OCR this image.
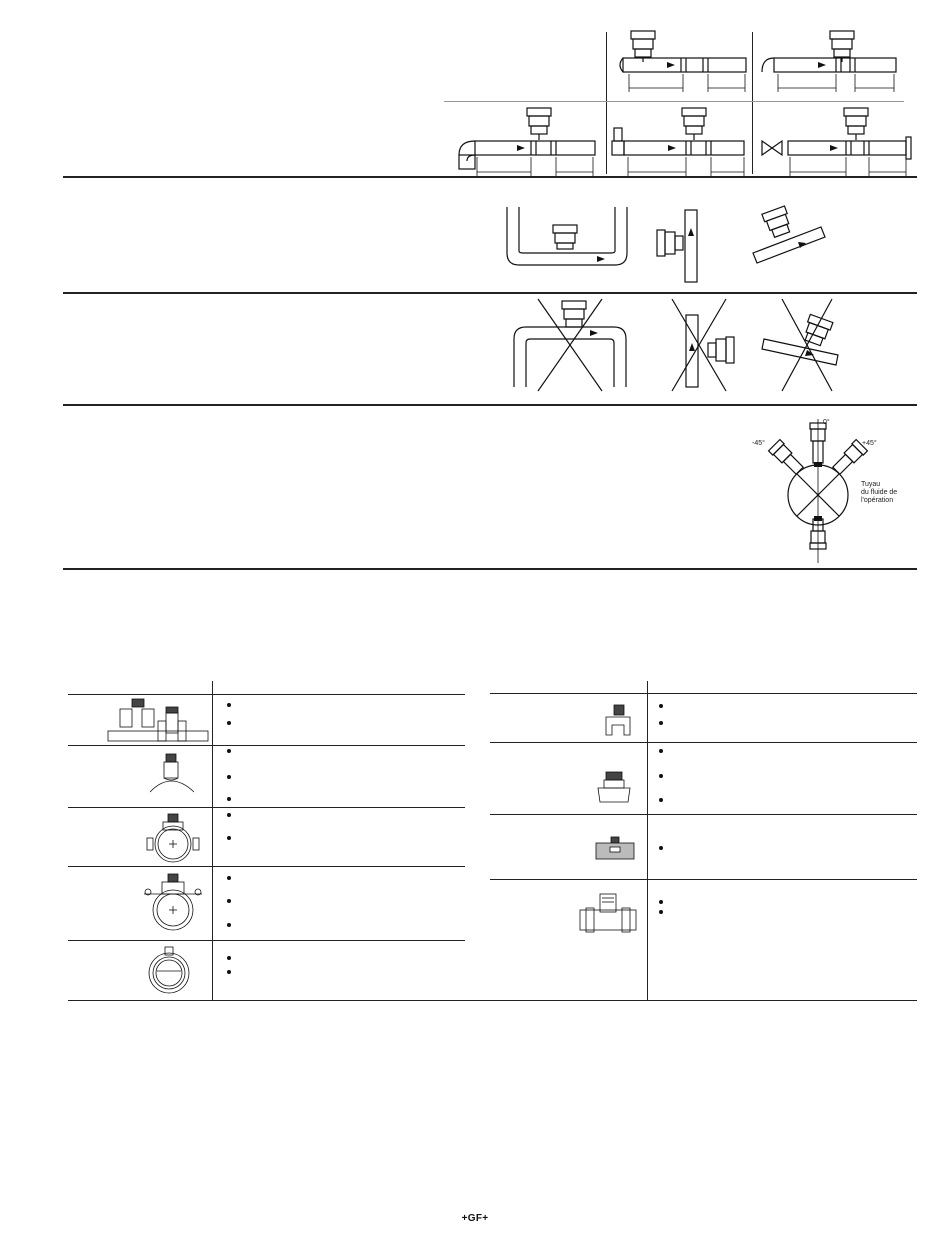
0°
-45°	+45°
Tuyau
du fluide de
l'opération
+GF+
